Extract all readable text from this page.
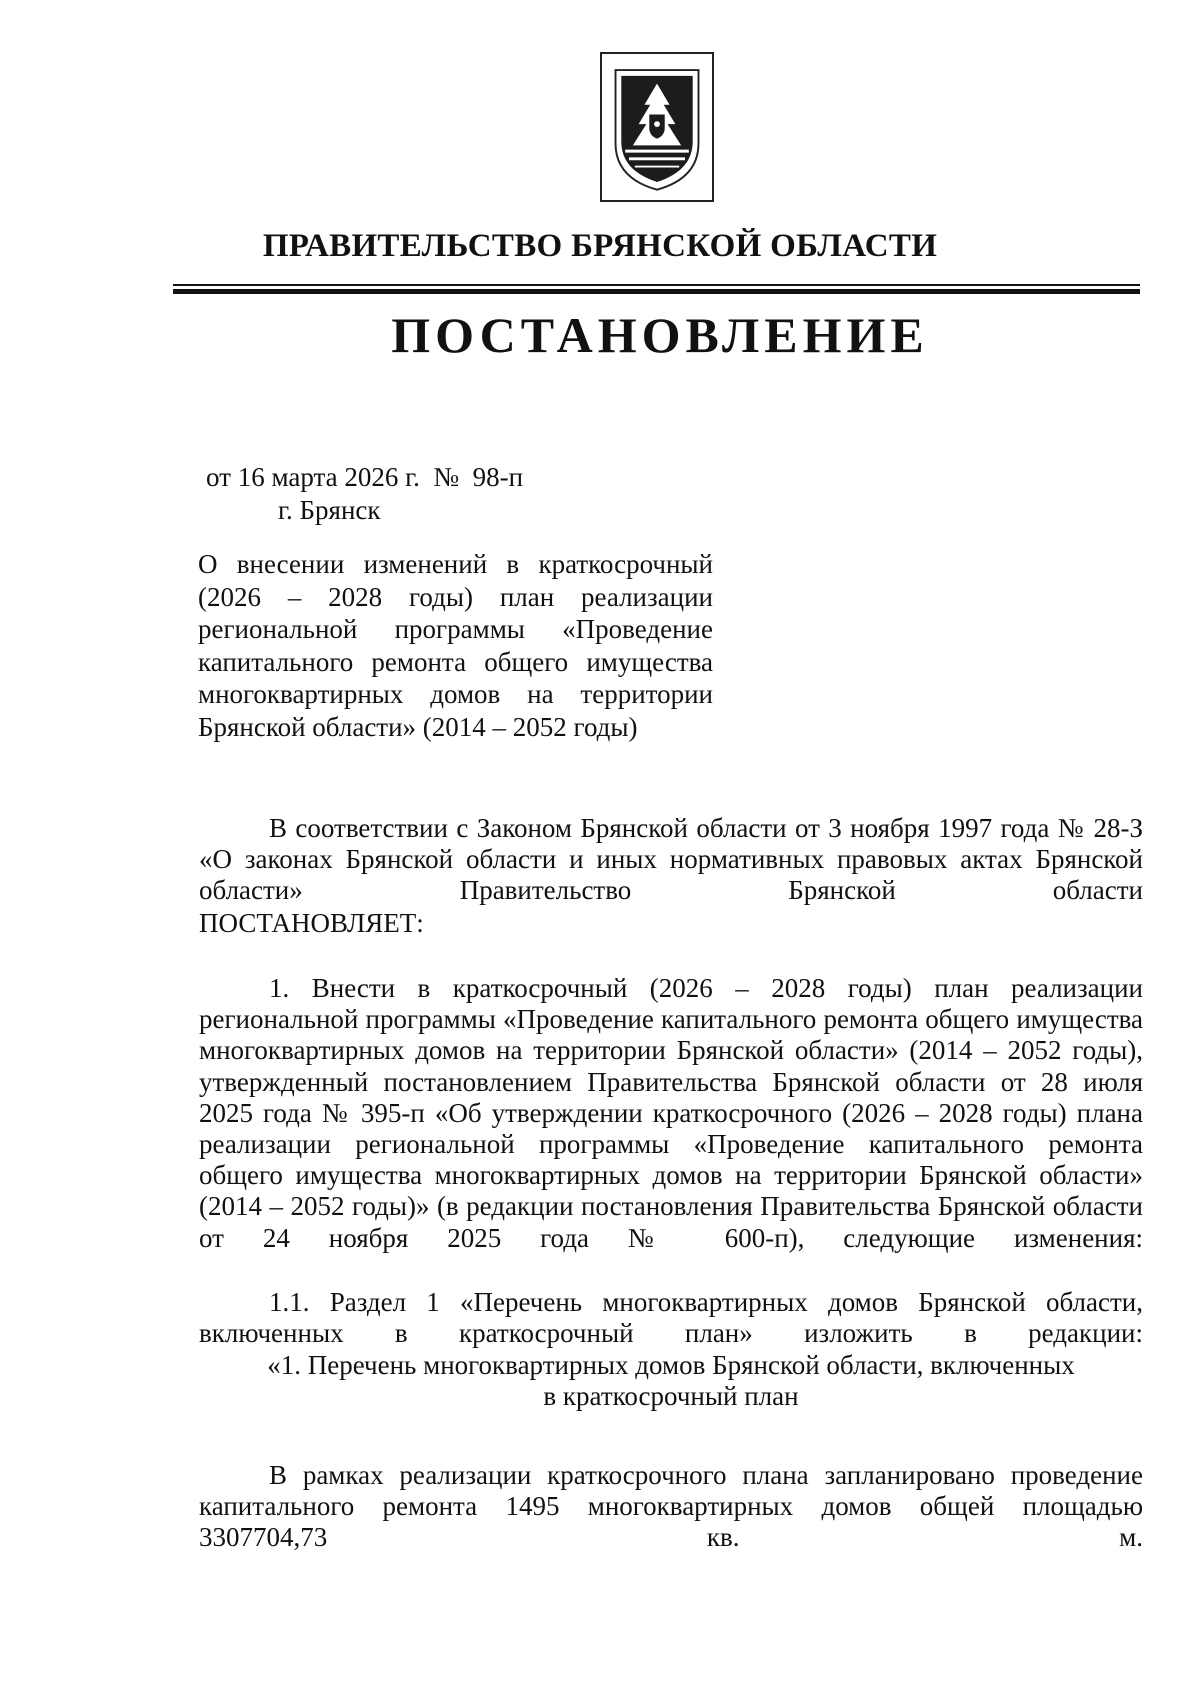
ПРАВИТЕЛЬСТВО БРЯНСКОЙ ОБЛАСТИ
ПОСТАНОВЛЕНИЕ
от 16 марта 2026 г. № 98-п
г. Брянск
О внесении изменений в краткосрочный (2026 – 2028 годы) план реализации региональной программы «Проведение капитального ремонта общего имущества многоквартирных домов на территории
Брянской области» (2014 – 2052 годы)
В соответствии с Законом Брянской области от 3 ноября 1997 года № 28-З «О законах Брянской области и иных нормативных правовых актах Брянской области» Правительство Брянской области
ПОСТАНОВЛЯЕТ:
1. Внести в краткосрочный (2026 – 2028 годы) план реализации региональной программы «Проведение капитального ремонта общего имущества многоквартирных домов на территории Брянской области» (2014 – 2052 годы), утвержденный постановлением Правительства Брянской области от 28 июля 2025 года № 395-п «Об утверждении краткосрочного (2026 – 2028 годы) плана реализации региональной программы «Проведение капитального ремонта общего имущества многоквартирных домов на территории Брянской области» (2014 – 2052 годы)» (в редакции постановления Правительства Брянской области от 24 ноября 2025 года № 600-п), следующие изменения:
1.1. Раздел 1 «Перечень многоквартирных домов Брянской области, включенных в краткосрочный план» изложить в редакции:
«1. Перечень многоквартирных домов Брянской области, включенных
в краткосрочный план
В рамках реализации краткосрочного плана запланировано проведение капитального ремонта 1495 многоквартирных домов общей площадью 3307704,73 кв. м.
